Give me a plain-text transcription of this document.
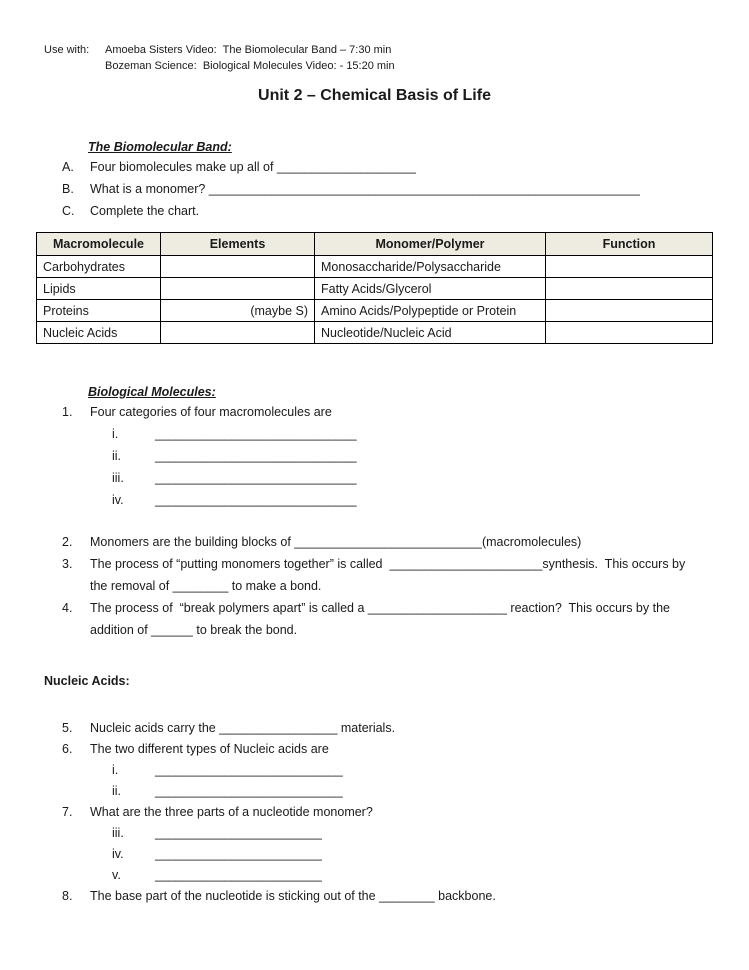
Use with: Amoeba Sisters Video:  The Biomolecular Band – 7:30 min
Bozeman Science:  Biological Molecules Video: - 15:20 min
Unit 2 – Chemical Basis of Life
The Biomolecular Band:
A. Four biomolecules make up all of ____________________
B. What is a monomer? ______________________________________________________________
C. Complete the chart.
Macromolecule	Elements	Monomer/Polymer	Function
Carbohydrates		Monosaccharide/Polysaccharide	
Lipids		Fatty Acids/Glycerol	
Proteins	(maybe S)	Amino Acids/Polypeptide or Protein	
Nucleic Acids		Nucleotide/Nucleic Acid	
Biological Molecules:
1. Four categories of four macromolecules are
i.	_____________________________
ii.	_____________________________
iii. _____________________________
iv.	_____________________________
2. Monomers are the building blocks of ___________________________(macromolecules)
3. The process of “putting monomers together” is called  ______________________synthesis.  This occurs by
the removal of ________ to make a bond.
4. The process of  “break polymers apart” is called a ____________________ reaction?  This occurs by the
addition of ______ to break the bond.
Nucleic Acids:
5. Nucleic acids carry the _________________ materials.
6. The two different types of Nucleic acids are
i.	___________________________
ii.	___________________________
7. What are the three parts of a nucleotide monomer?
iii. ________________________
iv.	________________________
v.	________________________
8. The base part of the nucleotide is sticking out of the ________ backbone.
